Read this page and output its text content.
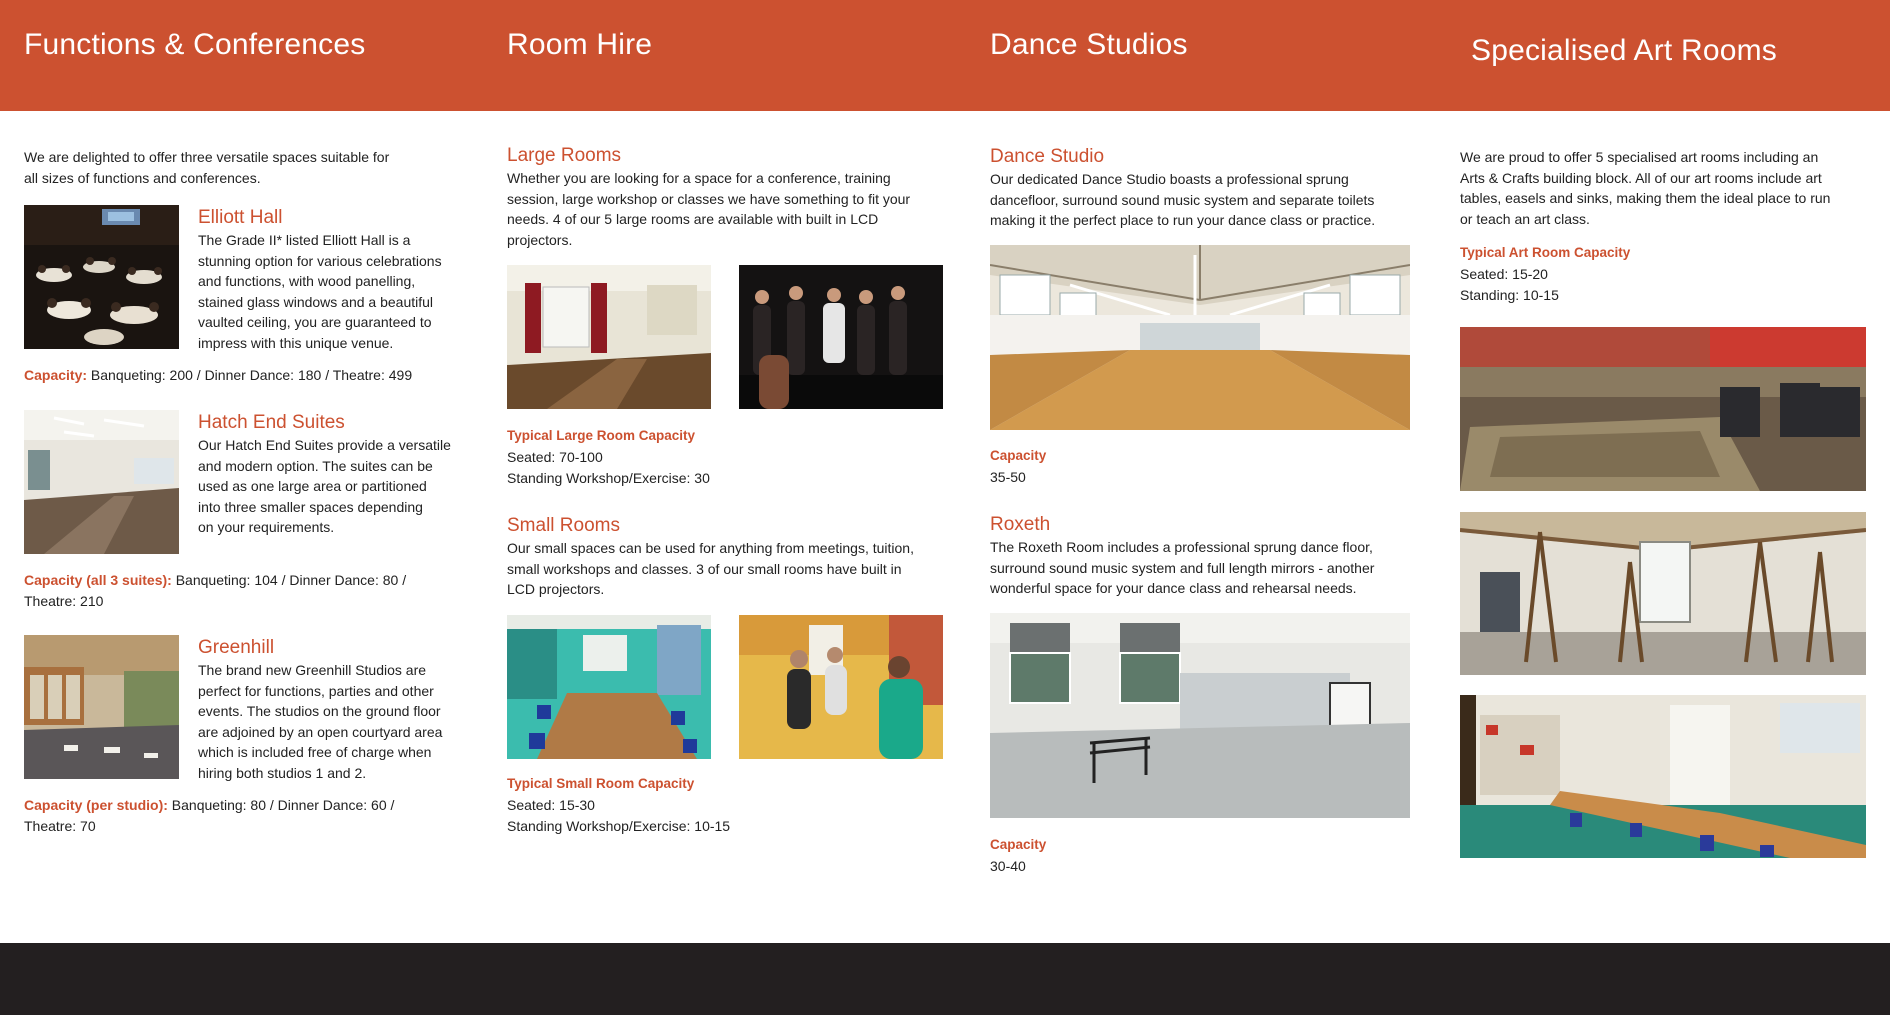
Functions & Conferences	Room Hire	Dance Studios	Specialised Art Rooms
We are delighted to offer three versatile spaces suitable for
all sizes of functions and conferences.
Elliott Hall
The Grade II* listed Elliott Hall is a
stunning option for various celebrations
and functions, with wood panelling,
stained glass windows and a beautiful
vaulted ceiling, you are guaranteed to
impress with this unique venue.
Capacity: Banqueting: 200 / Dinner Dance: 180 / Theatre: 499
Hatch End Suites
Our Hatch End Suites provide a versatile
and modern option. The suites can be
used as one large area or partitioned
into three smaller spaces depending
on your requirements.
Capacity (all 3 suites): Banqueting: 104 / Dinner Dance: 80 /
Theatre: 210
Greenhill
The brand new Greenhill Studios are
perfect for functions, parties and other
events. The studios on the ground floor
are adjoined by an open courtyard area
which is included free of charge when
hiring both studios 1 and 2.
Capacity (per studio): Banqueting: 80 / Dinner Dance: 60 /
Theatre: 70
Large Rooms
Whether you are looking for a space for a conference, training
session, large workshop or classes we have something to fit your
needs. 4 of our 5 large rooms are available with built in LCD
projectors.
Typical Large Room Capacity
Seated: 70-100
Standing Workshop/Exercise: 30
Small Rooms
Our small spaces can be used for anything from meetings, tuition,
small workshops and classes. 3 of our small rooms have built in
LCD projectors.
Typical Small Room Capacity
Seated: 15-30
Standing Workshop/Exercise: 10-15
Dance Studio
Our dedicated Dance Studio boasts a professional sprung
dancefloor, surround sound music system and separate toilets
making it the perfect place to run your dance class or practice.
Capacity
35-50
Roxeth
The Roxeth Room includes a professional sprung dance floor,
surround sound music system and full length mirrors - another
wonderful space for your dance class and rehearsal needs.
Capacity
30-40
We are proud to offer 5 specialised art rooms including an
Arts & Crafts building block. All of our art rooms include art
tables, easels and sinks, making them the ideal place to run
or teach an art class.
Typical Art Room Capacity
Seated: 15-20
Standing: 10-15
